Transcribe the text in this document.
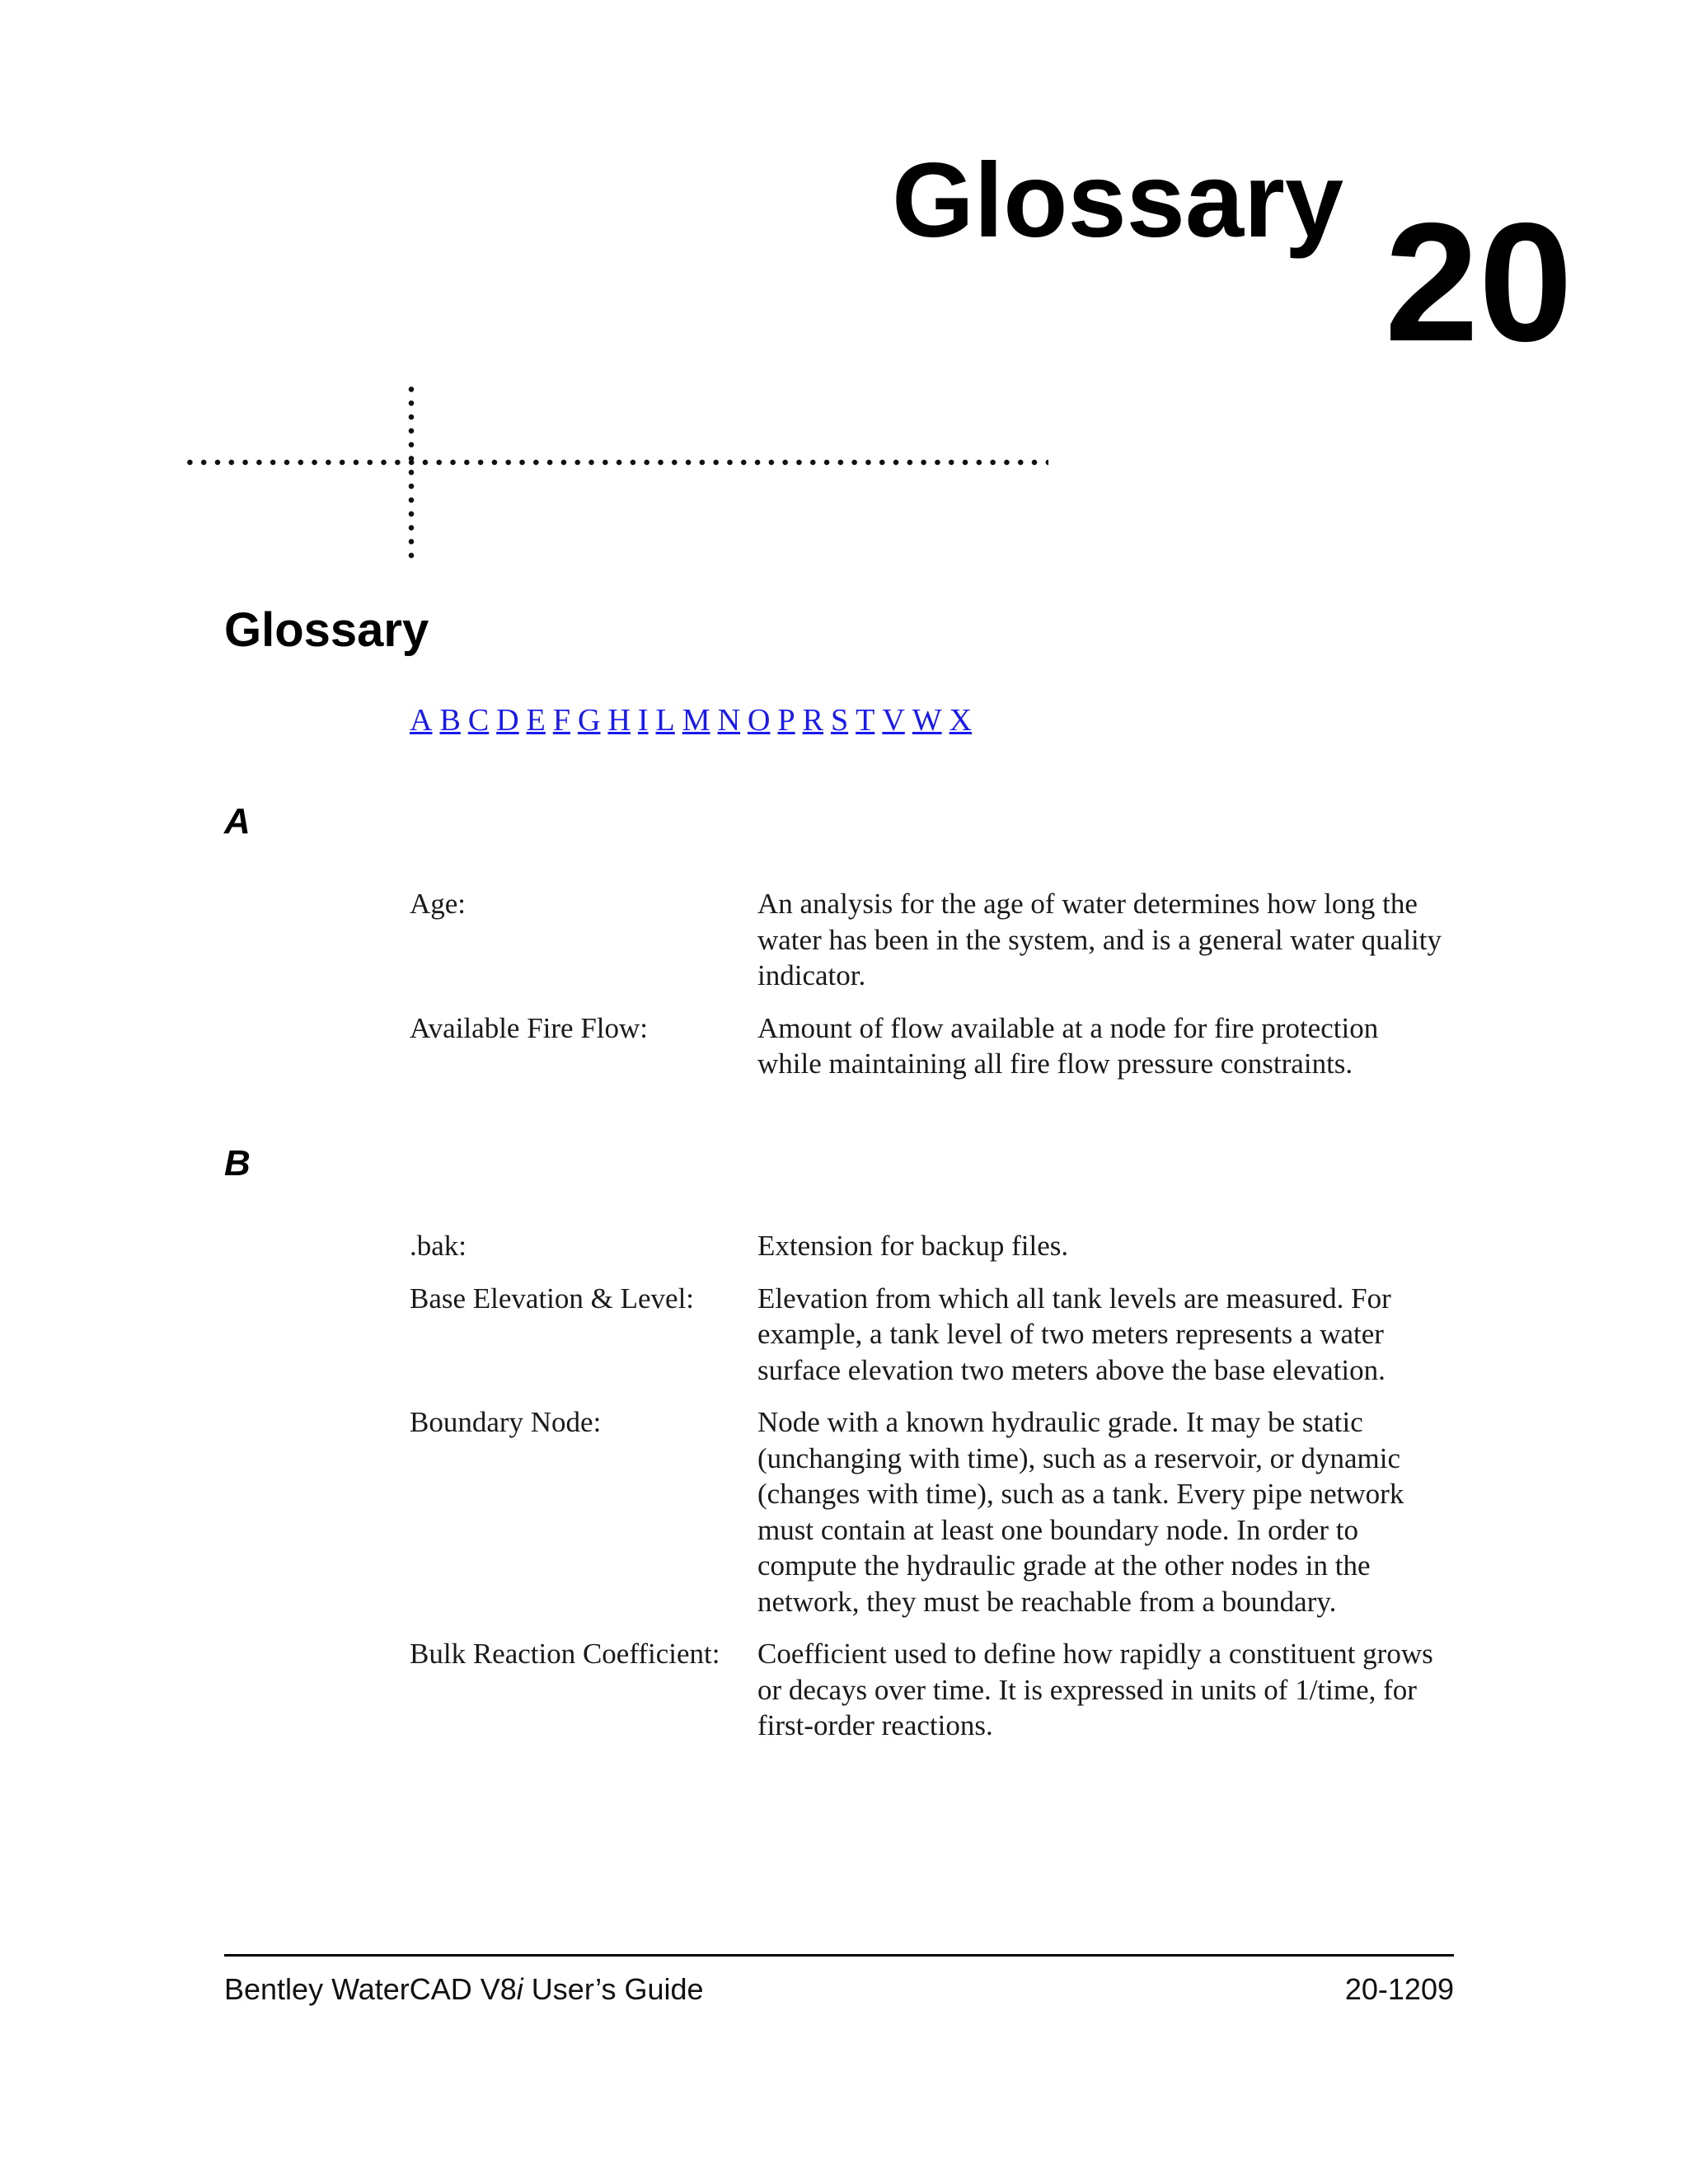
Glossary 20
Glossary
A B C D E F G H I L M N O P R S T V W X
A
Age:	An analysis for the age of water determines how long the water has been in the system, and is a general water quality indicator.
Available Fire Flow:	Amount of flow available at a node for fire protection while maintaining all fire flow pressure constraints.
B
.bak:	Extension for backup files.
Base Elevation & Level:	Elevation from which all tank levels are measured. For example, a tank level of two meters represents a water surface elevation two meters above the base elevation.
Boundary Node:	Node with a known hydraulic grade. It may be static (unchanging with time), such as a reservoir, or dynamic (changes with time), such as a tank. Every pipe network must contain at least one boundary node. In order to compute the hydraulic grade at the other nodes in the network, they must be reachable from a boundary.
Bulk Reaction Coefficient:	Coefficient used to define how rapidly a constituent grows or decays over time. It is expressed in units of 1/time, for first-order reactions.
Bentley WaterCAD V8i User’s Guide	20-1209
